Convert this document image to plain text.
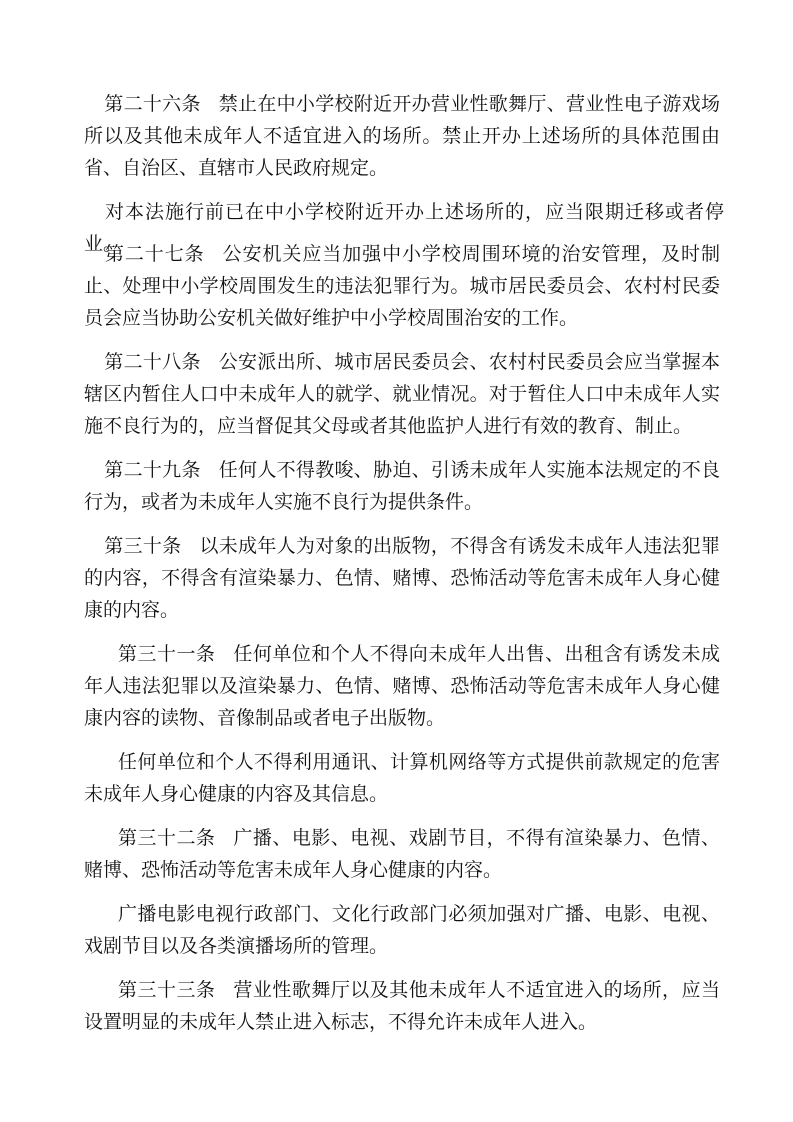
第二十六条 禁止在中小学校附近开办营业性歌舞厅、营业性电子游戏场所以及其他未成年人不适宜进入的场所。禁止开办上述场所的具体范围由省、自治区、直辖市人民政府规定。

对本法施行前已在中小学校附近开办上述场所的，应当限期迁移或者停业。

第二十七条 公安机关应当加强中小学校周围环境的治安管理，及时制止、处理中小学校周围发生的违法犯罪行为。城市居民委员会、农村村民委员会应当协助公安机关做好维护中小学校周围治安的工作。

第二十八条 公安派出所、城市居民委员会、农村村民委员会应当掌握本辖区内暂住人口中未成年人的就学、就业情况。对于暂住人口中未成年人实施不良行为的，应当督促其父母或者其他监护人进行有效的教育、制止。

第二十九条 任何人不得教唆、胁迫、引诱未成年人实施本法规定的不良行为，或者为未成年人实施不良行为提供条件。

第三十条 以未成年人为对象的出版物，不得含有诱发未成年人违法犯罪的内容，不得含有渲染暴力、色情、赌博、恐怖活动等危害未成年人身心健康的内容。

第三十一条 任何单位和个人不得向未成年人出售、出租含有诱发未成年人违法犯罪以及渲染暴力、色情、赌博、恐怖活动等危害未成年人身心健康内容的读物、音像制品或者电子出版物。

任何单位和个人不得利用通讯、计算机网络等方式提供前款规定的危害未成年人身心健康的内容及其信息。

第三十二条 广播、电影、电视、戏剧节目，不得有渲染暴力、色情、赌博、恐怖活动等危害未成年人身心健康的内容。

广播电影电视行政部门、文化行政部门必须加强对广播、电影、电视、戏剧节目以及各类演播场所的管理。

第三十三条 营业性歌舞厅以及其他未成年人不适宜进入的场所，应当设置明显的未成年人禁止进入标志，不得允许未成年人进入。
